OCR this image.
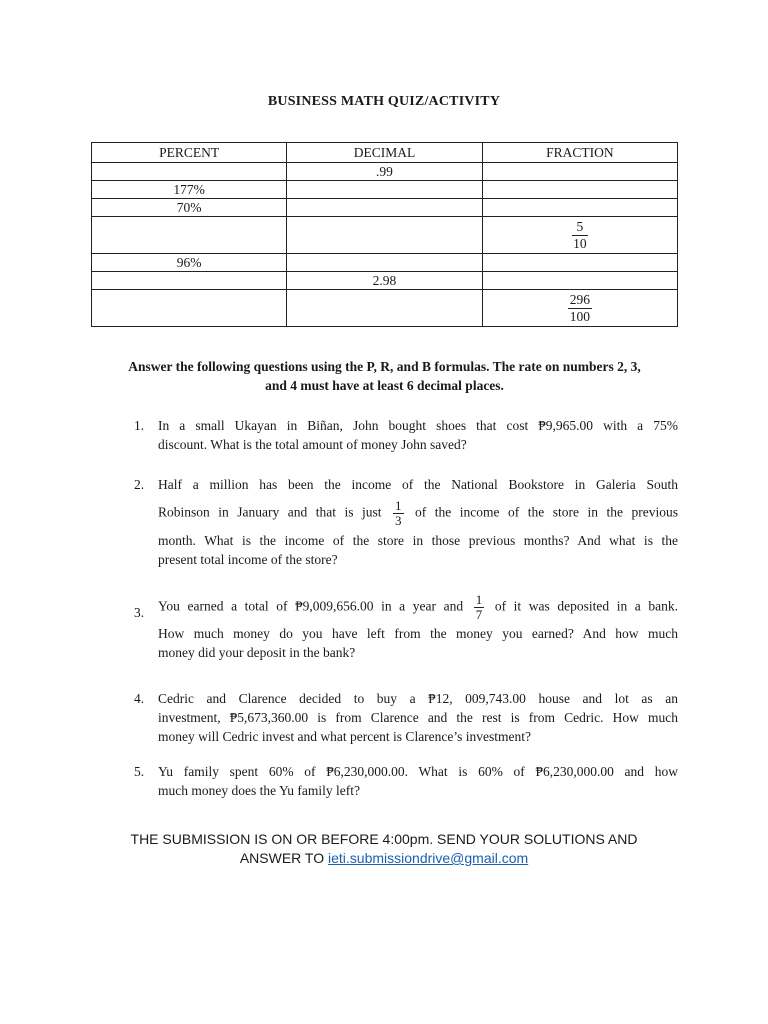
BUSINESS MATH QUIZ/ACTIVITY
PERCENT	DECIMAL	FRACTION
	.99	
177%		
70%		

		$\frac{5}{10}$

96%		
	2.98	

		$\frac{296}{100}$
Answer the following questions using the P, R, and B formulas. The rate on numbers 2, 3,
and 4 must have at least 6 decimal places.
1. In a small Ukayan in Biñan, John bought shoes that cost ₱9,965.00 with a 75%
discount. What is the total amount of money John saved?
2. Half a million has been the income of the National Bookstore in Galeria South
Robinson in January and that is just $\frac{1}{3}$ of the income of the store in the previous
month. What is the income of the store in those previous months? And what is the
present total income of the store?
3. You earned a total of ₱9,009,656.00 in a year and $\frac{1}{7}$ of it was deposited in a bank.
How much money do you have left from the money you earned? And how much
money did your deposit in the bank?
4. Cedric and Clarence decided to buy a ₱12, 009,743.00 house and lot as an
investment, ₱5,673,360.00 is from Clarence and the rest is from Cedric. How much
money will Cedric invest and what percent is Clarence’s investment?
5. Yu family spent 60% of ₱6,230,000.00. What is 60% of ₱6,230,000.00 and how
much money does the Yu family left?
THE SUBMISSION IS ON OR BEFORE 4:00pm. SEND YOUR SOLUTIONS AND
ANSWER TO ieti.submissiondrive@gmail.com
